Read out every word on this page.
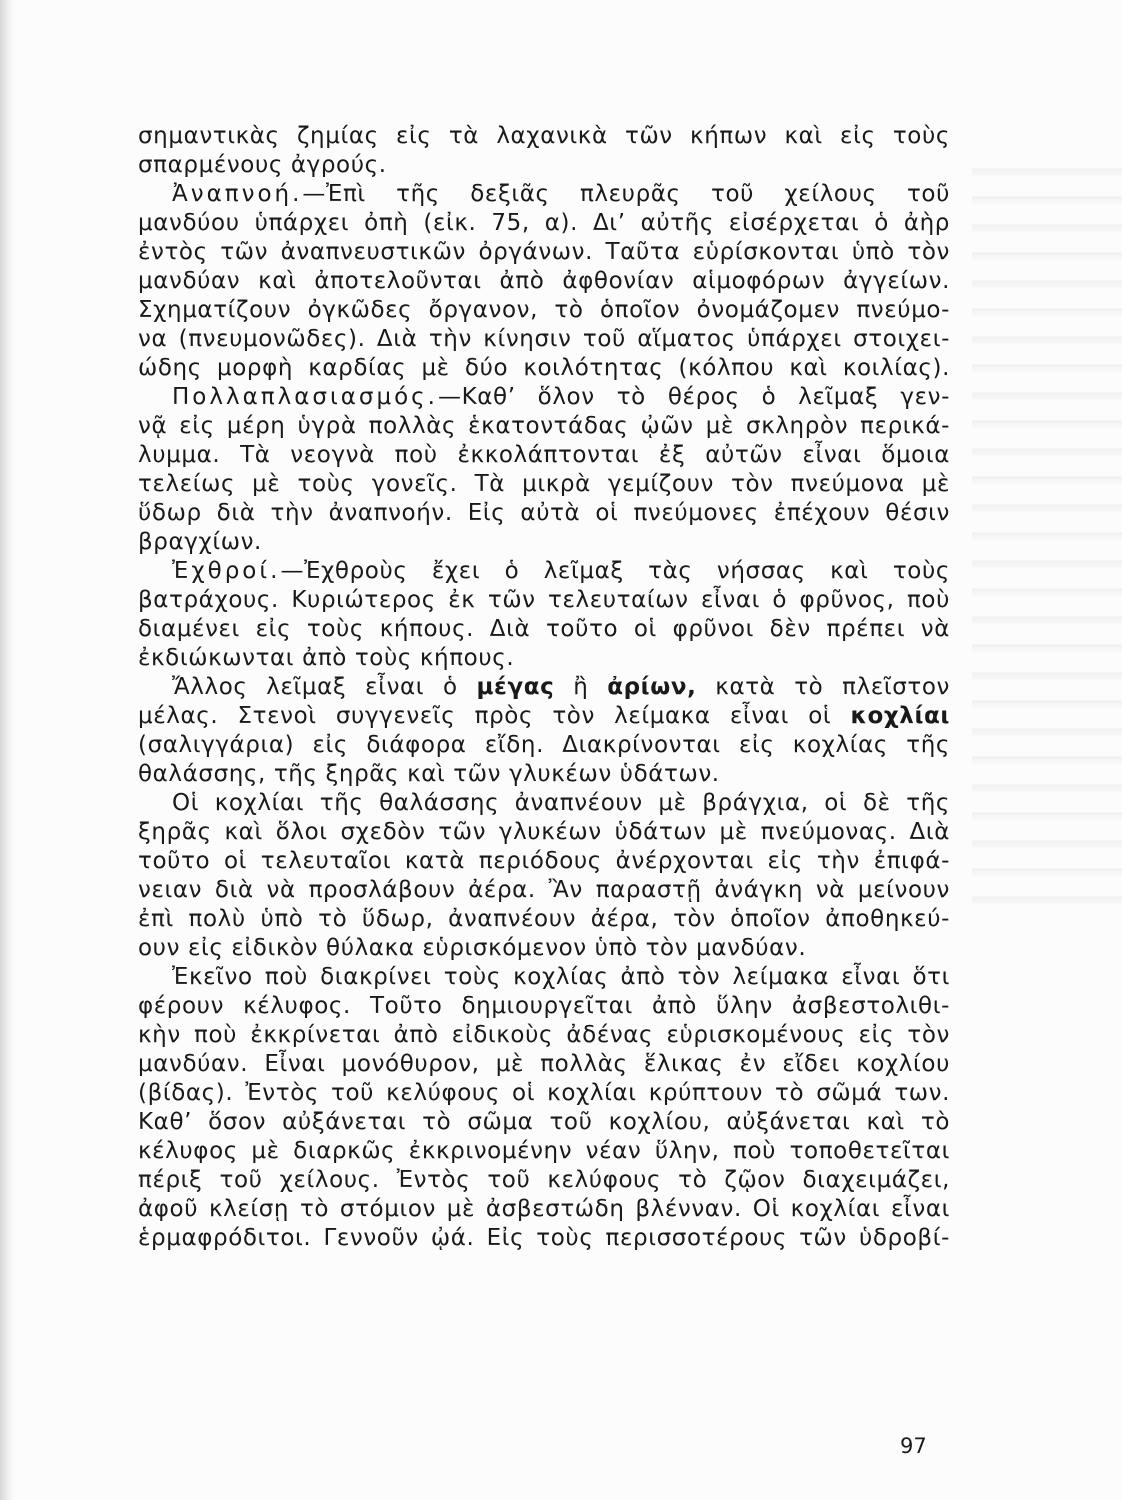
σημαντικὰς ζημίας εἰς τὰ λαχανικὰ τῶν κήπων καὶ εἰς τοὺς
σπαρμένους ἀγρούς.
Ἀναπνοή.—Ἐπὶ τῆς δεξιᾶς πλευρᾶς τοῦ χείλους τοῦ
μανδύου ὑπάρχει ὀπὴ (εἰκ. 75, α). Δι’ αὐτῆς εἰσέρχεται ὁ ἀὴρ
ἐντὸς τῶν ἀναπνευστικῶν ὀργάνων. Ταῦτα εὑρίσκονται ὑπὸ τὸν
μανδύαν καὶ ἀποτελοῦνται ἀπὸ ἀφθονίαν αἱμοφόρων ἀγγείων.
Σχηματίζουν ὀγκῶδες ὄργανον, τὸ ὁποῖον ὀνομάζομεν πνεύμο-
να (πνευμονῶδες). Διὰ τὴν κίνησιν τοῦ αἵματος ὑπάρχει στοιχει-
ώδης μορφὴ καρδίας μὲ δύο κοιλότητας (κόλπου καὶ κοιλίας).
Πολλαπλασιασμός.—Καθ’ ὅλον τὸ θέρος ὁ λεῖμαξ γεν-
νᾷ εἰς μέρη ὑγρὰ πολλὰς ἑκατοντάδας ᾠῶν μὲ σκληρὸν περικά-
λυμμα. Τὰ νεογνὰ ποὺ ἐκκολάπτονται ἐξ αὐτῶν εἶναι ὅμοια
τελείως μὲ τοὺς γονεῖς. Τὰ μικρὰ γεμίζουν τὸν πνεύμονα μὲ
ὕδωρ διὰ τὴν ἀναπνοήν. Εἰς αὐτὰ οἱ πνεύμονες ἐπέχουν θέσιν
βραγχίων.
Ἐχθροί.—Ἐχθροὺς ἔχει ὁ λεῖμαξ τὰς νήσσας καὶ τοὺς
βατράχους. Κυριώτερος ἐκ τῶν τελευταίων εἶναι ὁ φρῦνος, ποὺ
διαμένει εἰς τοὺς κήπους. Διὰ τοῦτο οἱ φρῦνοι δὲν πρέπει νὰ
ἐκδιώκωνται ἀπὸ τοὺς κήπους.
Ἄλλος λεῖμαξ εἶναι ὁ μέγας ἢ ἀρίων, κατὰ τὸ πλεῖστον
μέλας. Στενοὶ συγγενεῖς πρὸς τὸν λείμακα εἶναι οἱ κοχλίαι
(σαλιγγάρια) εἰς διάφορα εἴδη. Διακρίνονται εἰς κοχλίας τῆς
θαλάσσης, τῆς ξηρᾶς καὶ τῶν γλυκέων ὑδάτων.
Οἱ κοχλίαι τῆς θαλάσσης ἀναπνέουν μὲ βράγχια, οἱ δὲ τῆς
ξηρᾶς καὶ ὅλοι σχεδὸν τῶν γλυκέων ὑδάτων μὲ πνεύμονας. Διὰ
τοῦτο οἱ τελευταῖοι κατὰ περιόδους ἀνέρχονται εἰς τὴν ἐπιφά-
νειαν διὰ νὰ προσλάβουν ἀέρα. Ἂν παραστῇ ἀνάγκη νὰ μείνουν
ἐπὶ πολὺ ὑπὸ τὸ ὕδωρ, ἀναπνέουν ἀέρα, τὸν ὁποῖον ἀποθηκεύ-
ουν εἰς εἰδικὸν θύλακα εὑρισκόμενον ὑπὸ τὸν μανδύαν.
Ἐκεῖνο ποὺ διακρίνει τοὺς κοχλίας ἀπὸ τὸν λείμακα εἶναι ὅτι
φέρουν κέλυφος. Τοῦτο δημιουργεῖται ἀπὸ ὕλην ἀσβεστολιθι-
κὴν ποὺ ἐκκρίνεται ἀπὸ εἰδικοὺς ἀδένας εὑρισκομένους εἰς τὸν
μανδύαν. Εἶναι μονόθυρον, μὲ πολλὰς ἕλικας ἐν εἴδει κοχλίου
(βίδας). Ἐντὸς τοῦ κελύφους οἱ κοχλίαι κρύπτουν τὸ σῶμά των.
Καθ’ ὅσον αὐξάνεται τὸ σῶμα τοῦ κοχλίου, αὐξάνεται καὶ τὸ
κέλυφος μὲ διαρκῶς ἐκκρινομένην νέαν ὕλην, ποὺ τοποθετεῖται
πέριξ τοῦ χείλους. Ἐντὸς τοῦ κελύφους τὸ ζῷον διαχειμάζει,
ἀφοῦ κλείσῃ τὸ στόμιον μὲ ἀσβεστώδη βλένναν. Οἱ κοχλίαι εἶναι
ἑρμαφρόδιτοι. Γεννοῦν ᾠά. Εἰς τοὺς περισσοτέρους τῶν ὑδροβί-
97
